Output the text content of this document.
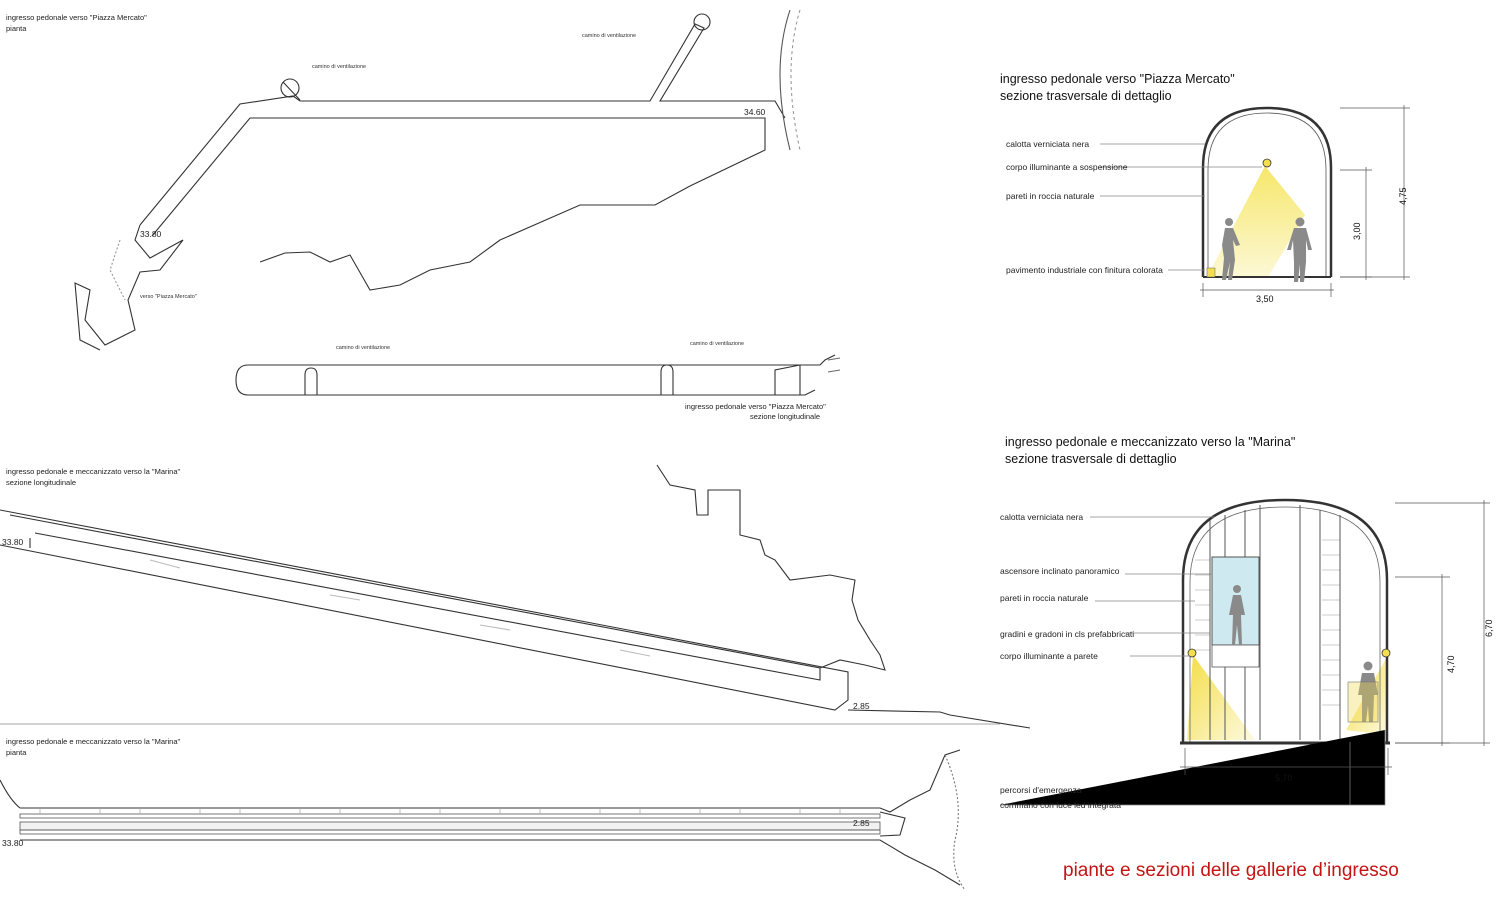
ingresso pedonale verso "Piazza Mercato"
pianta
camino di ventilazione
camino di ventilazione
34.60
33.80
verso "Piazza Mercato"
camino di ventilazione
camino di ventilazione
ingresso pedonale verso "Piazza Mercato"
sezione longitudinale
ingresso pedonale e meccanizzato verso la "Marina"
sezione longitudinale
33.80
2.85
ingresso pedonale e meccanizzato verso la "Marina"
pianta
33.80
2.85
ingresso pedonale verso "Piazza Mercato"
sezione trasversale di dettaglio
calotta verniciata nera
corpo illuminante a sospensione
pareti in roccia naturale
pavimento industriale con finitura colorata
3,50
3,00
4,75
ingresso pedonale e meccanizzato verso la "Marina"
sezione trasversale di dettaglio
calotta verniciata nera
ascensore inclinato panoramico
pareti in roccia naturale
gradini e gradoni in cls prefabbricati
corpo illuminante a parete
percorsi d'emergenza
corrimano con luce led integrata
5,70
4,70
6,70
piante e sezioni delle gallerie d’ingresso
